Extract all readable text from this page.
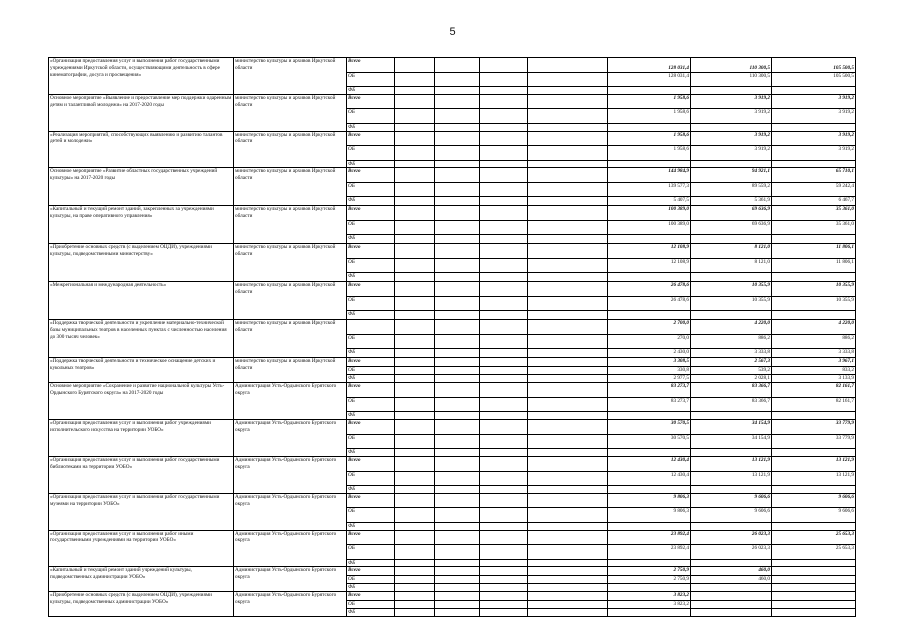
5
«Организация предоставления услуг и выполнения работ государственными учреждениями Иркутской области, осуществляющими деятельность в сфере кинематографии, досуга и просвещения»	министерство культуры и архивов Иркутской области	Всего					128 031,4	110 300,5	105 500,5	
		ОБ					128 031,4	110 300,5	105 500,5	
		ФБ								
Основное мероприятие «Выявление и предоставление мер поддержки одаренным детям и талантливой молодежи» на 2017-2020 годы	министерство культуры и архивов Иркутской области	Всего					1 958,6	3 919,2	3 919,2	
		ОБ					1 958,6	3 919,2	3 919,2	
		ФБ								
«Реализация мероприятий, способствующих выявлению и развитию талантов детей и молодежи»	министерство культуры и архивов Иркутской области	Всего					1 958,6	3 919,2	3 919,2	
		ОБ					1 958,6	3 919,2	3 919,2	
		ФБ								
Основное мероприятие «Развитие областных государственных учреждений культуры» на 2017-2020 годы	министерство культуры и архивов Иркутской области	Всего					144 984,9	94 921,1	65 710,1	
		ОБ					139 577,3	89 559,2	59 242,4	
		ФБ					5 407,5	5 361,9	6 467,7	
«Капитальный и текущий ремонт зданий, закрепленных за учреждениями культуры, на праве оперативного управления»	министерство культуры и архивов Иркутской области	Всего					100 389,0	69 636,9	35 361,0	
		ОБ					100 389,0	69 636,9	35 361,0	
		ФБ								
«Приобретение основных средств (с выделением ОЦДИ), учреждениями культуры, подведомственными министерству»	министерство культуры и архивов Иркутской области	Всего					12 108,9	8 121,0	11 806,1	
		ОБ					12 108,9	8 121,0	11 806,1	
		ФБ								
«Межрегиональная и международная деятельность»	министерство культуры и архивов Иркутской области	Всего					26 478,6	10 355,9	10 355,9	
		ОБ					26 478,6	10 355,9	10 355,9	
		ФБ								
«Поддержка творческой деятельности и укрепление материально-технической базы муниципальных театров в населенных пунктах с численностью населения до 300 тысяч человек»	министерство культуры и архивов Иркутской области						2 700,0	4 220,0	4 220,0	
		ОБ					270,0	886,2	886,2	
		ФБ					2 430,0	3 333,8	3 333,8	
«Поддержка творческой деятельности и техническое оснащение детских и кукольных театров»	министерство культуры и архивов Иркутской области	Всего					3 308,5	2 567,3	3 967,1	
		ОБ					330,8	539,2	833,2	
		ФБ					2 977,5	2 028,1	3 133,9	
Основное мероприятие «Сохранение и развитие национальной культуры Усть-Ордынского Бурятского округа» на 2017-2020 годы	Администрация Усть-Ордынского Бурятского округа	Всего					83 273,7	83 366,7	82 161,7	
		ОБ					83 273,7	83 366,7	82 161,7	
		ФБ								
«Организация предоставления услуг и выполнения работ учреждениями исполнительского искусства на территории УОБО»	Администрация Усть-Ордынского Бурятского округа	Всего					30 570,5	34 154,9	33 779,9	
		ОБ					30 570,5	34 154,9	33 779,9	
		ФБ								
«Организация предоставления услуг и выполнения работ государственными библиотеками на территории УОБО»	Администрация Усть-Ордынского Бурятского округа	Всего					12 430,4	13 121,9	13 121,9	
		ОБ					12 430,4	13 121,9	13 121,9	
		ФБ								
«Организация предоставления услуг и выполнения работ государственными музеями на территории УОБО»	Администрация Усть-Ордынского Бурятского округа	Всего					9 806,3	9 606,6	9 606,6	
		ОБ					9 806,3	9 606,6	9 606,6	
		ФБ								
«Организация предоставления услуг и выполнения работ иными государственными учреждениями на территории УОБО»	Администрация Усть-Ордынского Бурятского округа	Всего					23 892,4	26 023,3	25 653,3	
		ОБ					23 892,4	26 023,3	25 653,3	
		ФБ								
«Капитальный и текущий ремонт зданий учреждений культуры, подведомственных администрации УОБО»	Администрация Усть-Ордынского Бурятского округа	Всего					2 750,9	460,0		
		ОБ					2 750,9	460,0		
		ФБ								
«Приобретение основных средств (с выделением ОЦДИ), учреждениями культуры, подведомственных администрации УОБО»	Администрация Усть-Ордынского Бурятского округа	Всего					3 823,2			
		ОБ					3 823,2			
		ФБ								
